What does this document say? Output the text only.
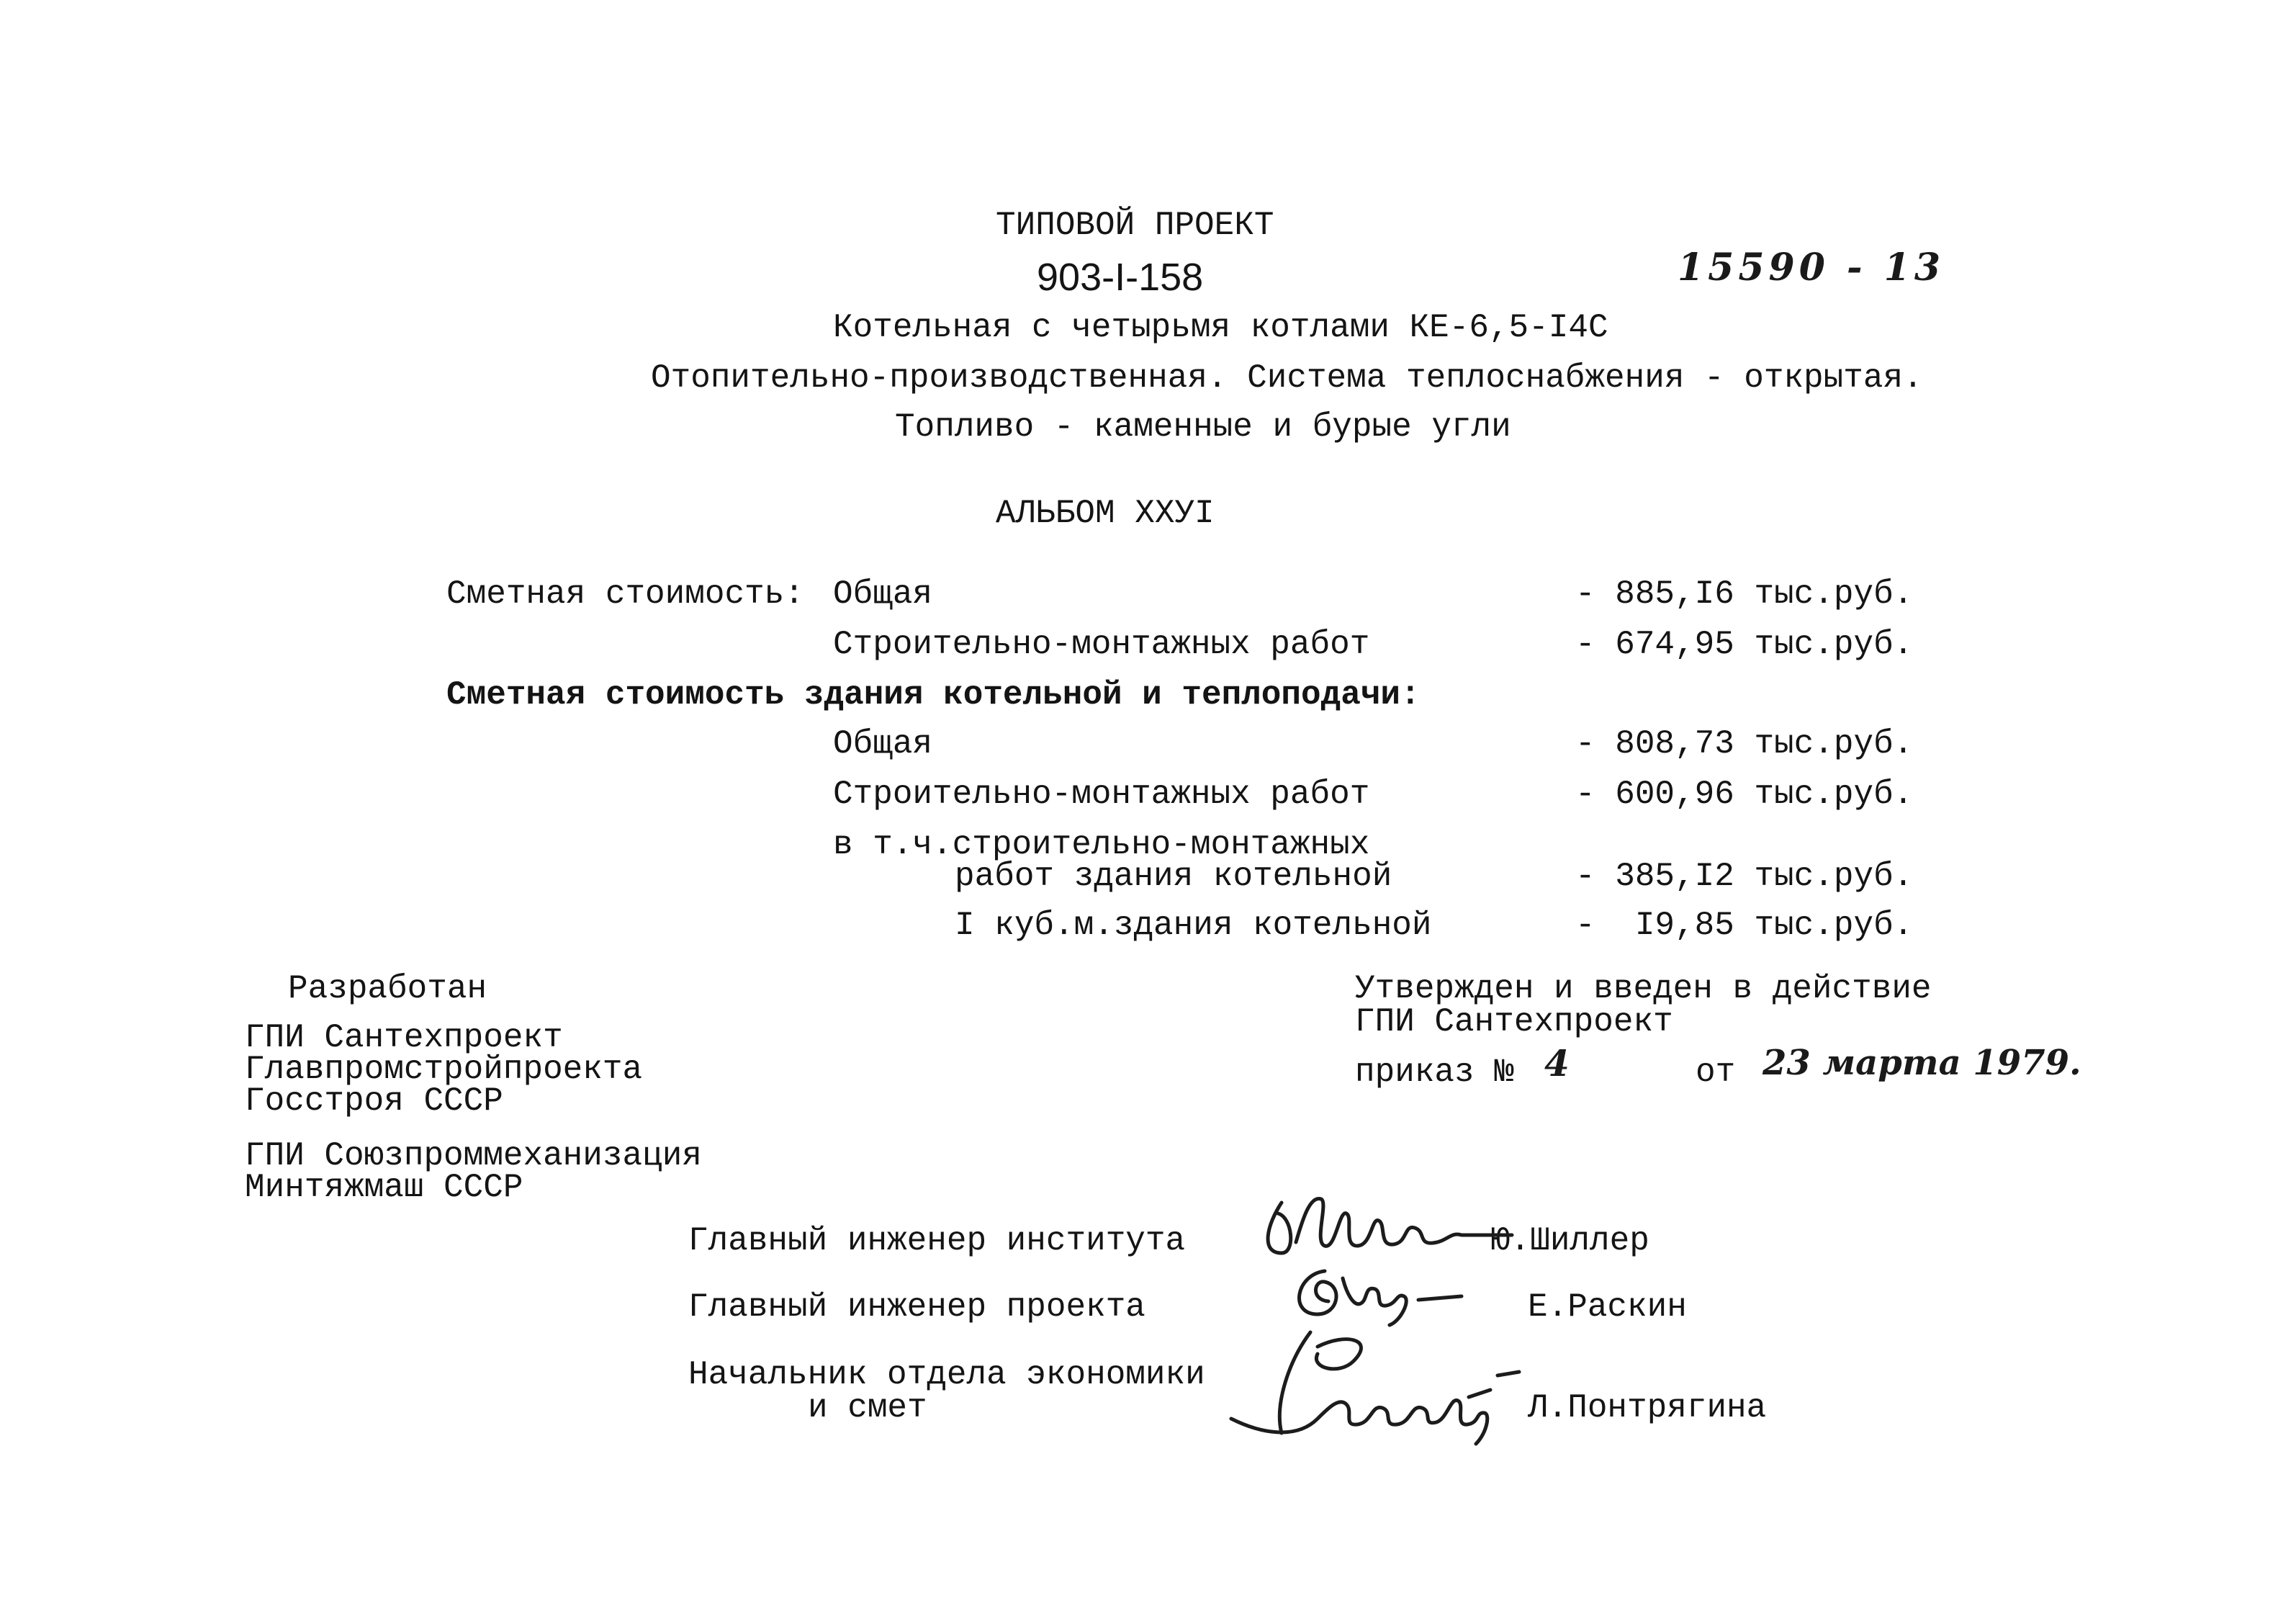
ТИПОВОЙ ПРОЕКТ
903-I-158	15590 - 13
Котельная с четырьмя котлами КЕ-6,5-I4С
Отопительно-производственная. Система теплоснабжения - открытая.
Топливо - каменные и бурые угли
АЛЬБОМ ХХУI
Сметная стоимость: Общая	- 885,I6 тыс.руб.
Строительно-монтажных работ	- 674,95 тыс.руб.
Сметная стоимость здания котельной и теплоподачи:
Общая	- 808,73 тыс.руб.
Строительно-монтажных работ	- 600,96 тыс.руб.
в т.ч.строительно-монтажных
работ здания котельной	- 385,I2 тыс.руб.
I куб.м.здания котельной	-  I9,85 тыс.руб.
Разработан
ГПИ Сантехпроект
Главпромстройпроекта
Госстроя СССР
ГПИ Союзпроммеханизация
Минтяжмаш СССР
Утвержден и введен в действие
ГПИ Сантехпроект
приказ № 4	от 23 марта 1979.
Главный инженер института	Ю.Шиллер
Главный инженер проекта	Е.Раскин
Начальник отдела экономики
и смет	Л.Понтрягина
